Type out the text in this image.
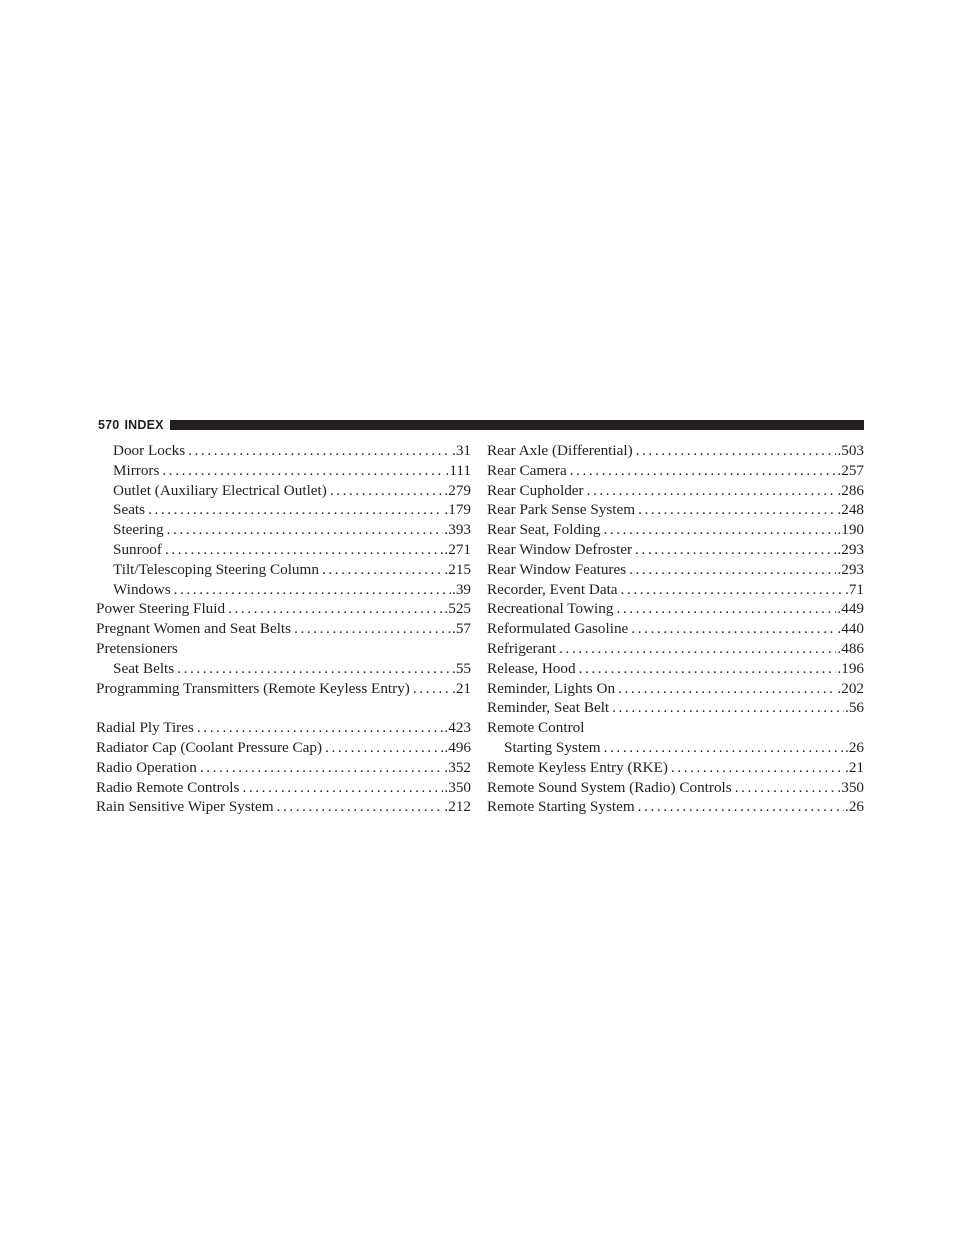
570 INDEX
Door Locks .....	.31
Mirrors .....	.111
Outlet (Auxiliary Electrical Outlet) .....	.279
Seats .....	.179
Steering .....	.393
Sunroof .....	.271
Tilt/Telescoping Steering Column .....	.215
Windows .....	.39
Power Steering Fluid .....	.525
Pregnant Women and Seat Belts .....	.57
Pretensioners
Seat Belts .....	.55
Programming Transmitters (Remote Keyless Entry) .....	.21
Radial Ply Tires .....	.423
Radiator Cap (Coolant Pressure Cap) .....	.496
Radio Operation .....	.352
Radio Remote Controls .....	.350
Rain Sensitive Wiper System .....	.212
Rear Axle (Differential) .....	.503
Rear Camera .....	.257
Rear Cupholder .....	.286
Rear Park Sense System .....	.248
Rear Seat, Folding .....	.190
Rear Window Defroster .....	.293
Rear Window Features .....	.293
Recorder, Event Data .....	.71
Recreational Towing .....	.449
Reformulated Gasoline .....	.440
Refrigerant .....	.486
Release, Hood .....	.196
Reminder, Lights On .....	.202
Reminder, Seat Belt .....	.56
Remote Control
Starting System .....	.26
Remote Keyless Entry (RKE) .....	.21
Remote Sound System (Radio) Controls .....	.350
Remote Starting System .....	.26
